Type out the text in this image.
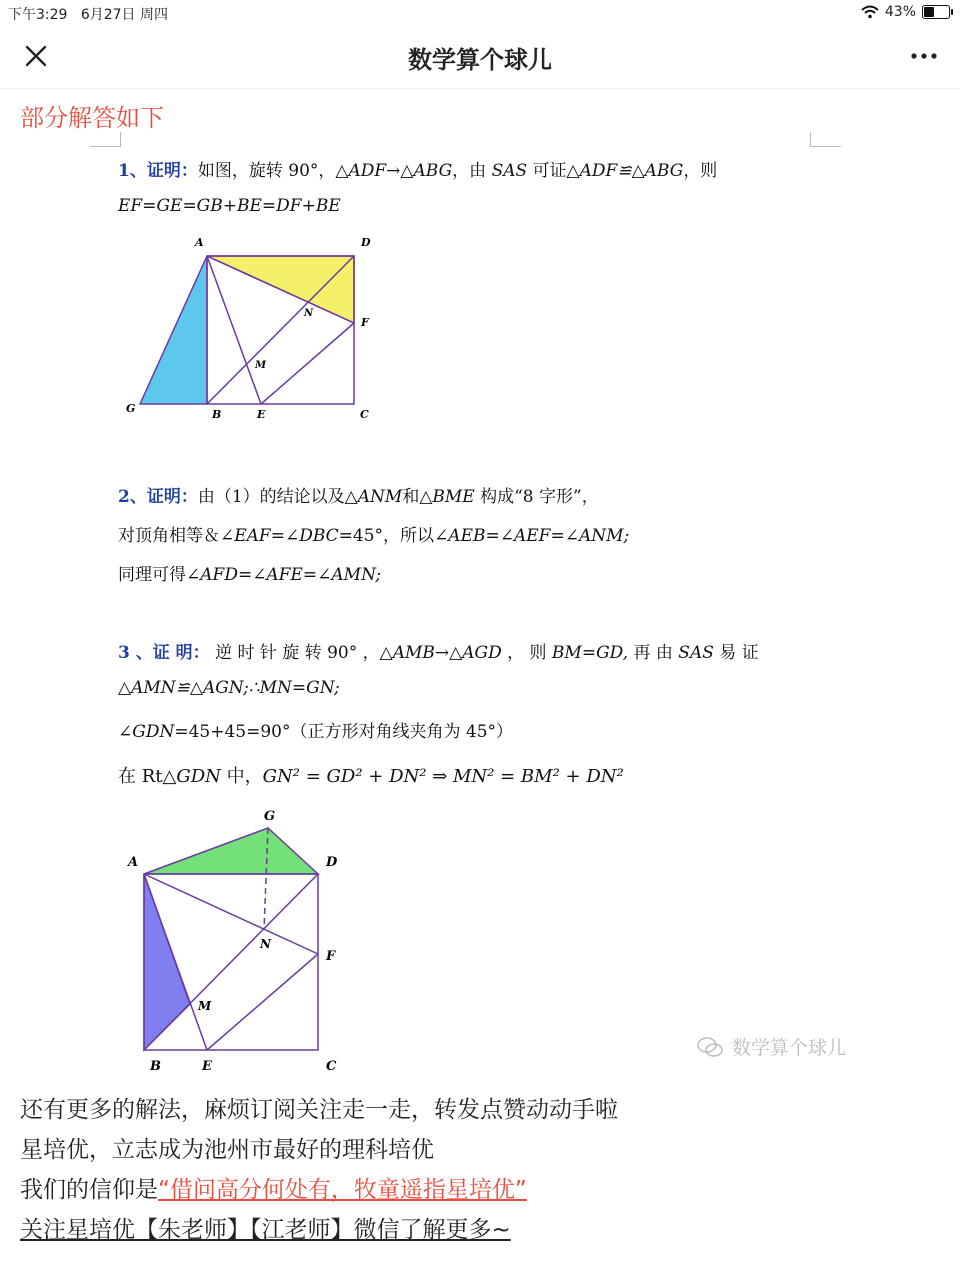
下午3:29 6月27日 周四	43%
数学算个球儿
部分解答如下
1、证明：如图，旋转 90°，△ADF→△ABG，由 SAS 可证△ADF≌△ABG，则
EF=GE=GB+BE=DF+BE
A	D
N
F
M
G	B	E	C
2、证明：由（1）的结论以及△ANM和△BME 构成“8 字形”，
对顶角相等＆∠EAF=∠DBC=45°，所以∠AEB=∠AEF=∠ANM;
同理可得∠AFD=∠AFE=∠AMN;
3 、证 明： 逆 时 针 旋 转 90° ，△AMB→△AGD ， 则 BM=GD, 再 由 SAS 易 证
△AMN≌△AGN;∴MN=GN;
∠GDN=45+45=90°（正方形对角线夹角为 45°）
在 Rt△GDN 中，GN² = GD² + DN² ⇒ MN² = BM² + DN²
G
A	D
N
F
M
B	E	C
数学算个球儿
还有更多的解法，麻烦订阅关注走一走，转发点赞动动手啦
星培优，立志成为池州市最好的理科培优
我们的信仰是“借问高分何处有，牧童遥指星培优”
关注星培优【朱老师】【江老师】微信了解更多~
